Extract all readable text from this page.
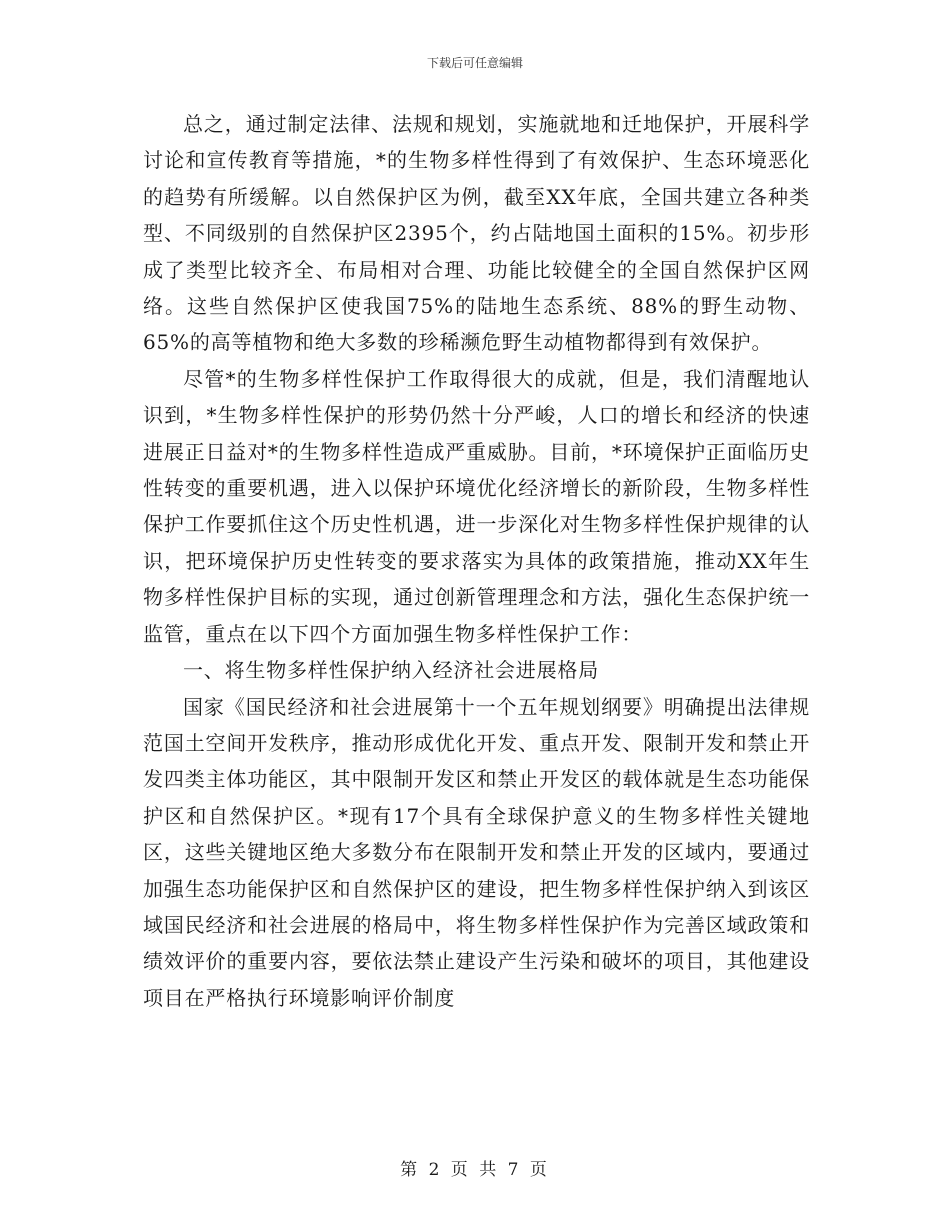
下载后可任意编辑

总之，通过制定法律、法规和规划，实施就地和迁地保护，开展科学讨论和宣传教育等措施，*的生物多样性得到了有效保护、生态环境恶化的趋势有所缓解。以自然保护区为例，截至XX年底，全国共建立各种类型、不同级别的自然保护区2395个，约占陆地国土面积的15%。初步形成了类型比较齐全、布局相对合理、功能比较健全的全国自然保护区网络。这些自然保护区使我国75%的陆地生态系统、88%的野生动物、65%的高等植物和绝大多数的珍稀濒危野生动植物都得到有效保护。

尽管*的生物多样性保护工作取得很大的成就，但是，我们清醒地认识到，*生物多样性保护的形势仍然十分严峻，人口的增长和经济的快速进展正日益对*的生物多样性造成严重威胁。目前，*环境保护正面临历史性转变的重要机遇，进入以保护环境优化经济增长的新阶段，生物多样性保护工作要抓住这个历史性机遇，进一步深化对生物多样性保护规律的认识，把环境保护历史性转变的要求落实为具体的政策措施，推动XX年生物多样性保护目标的实现，通过创新管理理念和方法，强化生态保护统一监管，重点在以下四个方面加强生物多样性保护工作：

一、将生物多样性保护纳入经济社会进展格局

国家《国民经济和社会进展第十一个五年规划纲要》明确提出法律规范国土空间开发秩序，推动形成优化开发、重点开发、限制开发和禁止开发四类主体功能区，其中限制开发区和禁止开发区的载体就是生态功能保护区和自然保护区。*现有17个具有全球保护意义的生物多样性关键地区，这些关键地区绝大多数分布在限制开发和禁止开发的区域内，要通过加强生态功能保护区和自然保护区的建设，把生物多样性保护纳入到该区域国民经济和社会进展的格局中，将生物多样性保护作为完善区域政策和绩效评价的重要内容，要依法禁止建设产生污染和破坏的项目，其他建设项目在严格执行环境影响评价制度

第 2 页 共 7 页
